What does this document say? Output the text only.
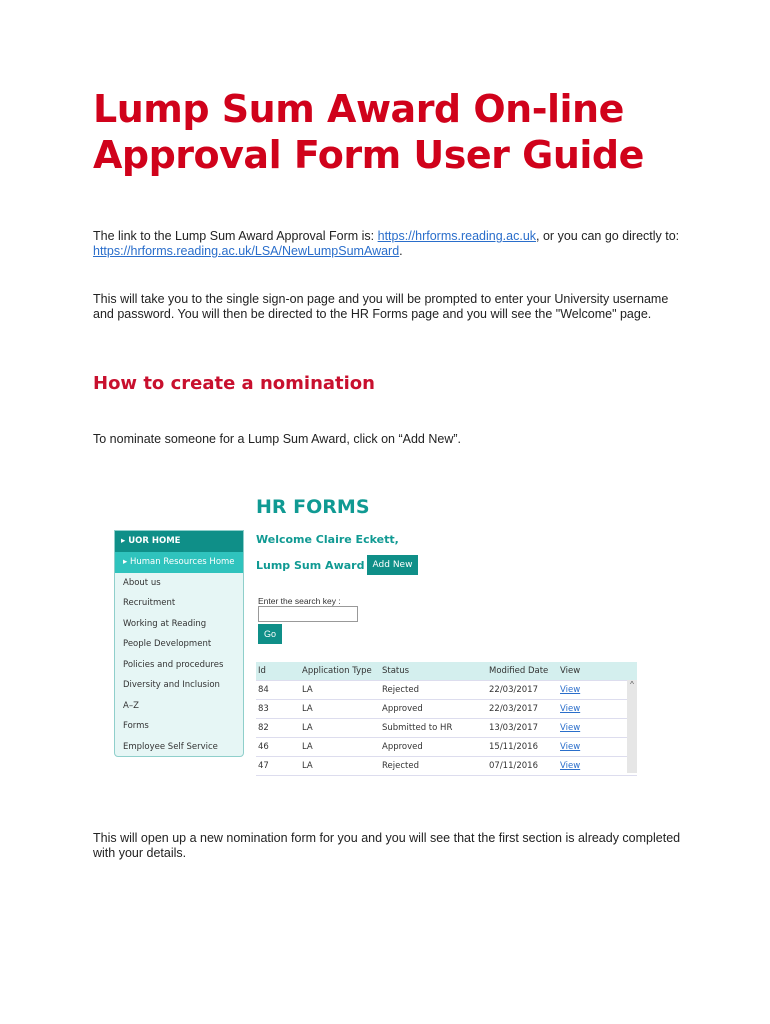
Lump Sum Award On-line Approval Form User Guide

The link to the Lump Sum Award Approval Form is: https://hrforms.reading.ac.uk, or you can go directly to: https://hrforms.reading.ac.uk/LSA/NewLumpSumAward.

This will take you to the single sign-on page and you will be prompted to enter your University username and password. You will then be directed to the HR Forms page and you will see the "Welcome" page.

How to create a nomination

To nominate someone for a Lump Sum Award, click on “Add New”.

HR FORMS
▸ UOR HOME
▸ Human Resources Home
About us
Recruitment
Working at Reading
People Development
Policies and procedures
Diversity and Inclusion
A–Z
Forms
Employee Self Service
Welcome Claire Eckett,
Lump Sum Award Add New
Enter the search key :
Go
Id	Application Type	Status	Modified Date	View
84	LA	Rejected	22/03/2017	View
83	LA	Approved	22/03/2017	View
82	LA	Submitted to HR	13/03/2017	View
46	LA	Approved	15/11/2016	View
47	LA	Rejected	07/11/2016	View
^

This will open up a new nomination form for you and you will see that the first section is already completed with your details.
